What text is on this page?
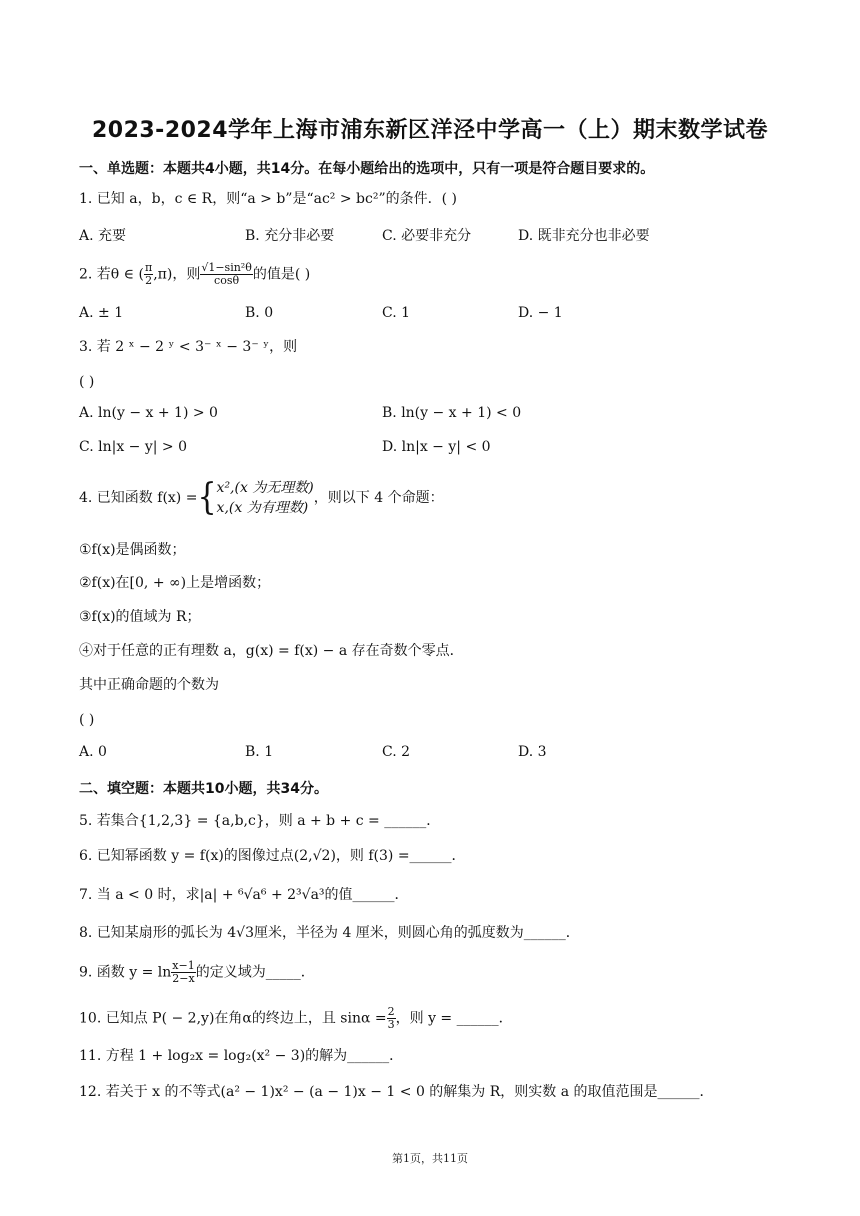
2023-2024学年上海市浦东新区洋泾中学高一（上）期末数学试卷
一、单选题：本题共4小题，共14分。在每小题给出的选项中，只有一项是符合题目要求的。
1. 已知 a，b，c ∈ R，则“a > b”是“ac² > bc²”的条件．( )
A. 充要	B. 充分非必要	C. 必要非充分	D. 既非充分也非必要
2. 若θ ∈ ( $\frac{\pi}{2} ,\pi$)，则 $\frac{\text{√1−sin²θ}}{\cos\theta}$ 的值是( )
A. ± 1	B. 0	C. 1	D. − 1
3. 若 2 ˣ − 2 ʸ < 3⁻ ˣ − 3⁻ ʸ，则
( )
A. ln(y − x + 1) > 0	B. ln(y − x + 1) < 0
C. ln|x − y| > 0	D. ln|x − y| < 0
4. 已知函数 f(x) ={ x²,(x 为无理数)
x,(x 为有理数)
，则以下 4 个命题：
①f(x)是偶函数；
②f(x)在[0, + ∞)上是增函数；
③f(x)的值域为 R；
④对于任意的正有理数 a，g(x) = f(x) − a 存在奇数个零点．
其中正确命题的个数为
( )
A. 0	B. 1	C. 2	D. 3
二、填空题：本题共10小题，共34分。
5. 若集合{1,2,3} = {a,b,c}，则 a + b + c = ______．
6. 已知幂函数 y = f(x)的图像过点(2,√2)，则 f(3) =______．
7. 当 a < 0 时，求|a| + ⁶√a⁶ + 2³√a³的值______．
8. 已知某扇形的弧长为 4√3厘米，半径为 4 厘米，则圆心角的弧度数为______．
9. 函数 $y = \ln \frac{x-1}{2-x}$ 的定义域为_____．
10. 已知点 P( − 2,y)在角α的终边上，且 $\sin\alpha = \frac{2}{3}$ ，则 y = ______．
11. 方程 1 + log₂x = log₂(x² − 3)的解为______．
12. 若关于 x 的不等式(a² − 1)x² − (a − 1)x − 1 < 0 的解集为 R，则实数 a 的取值范围是______．
第1页，共11页
